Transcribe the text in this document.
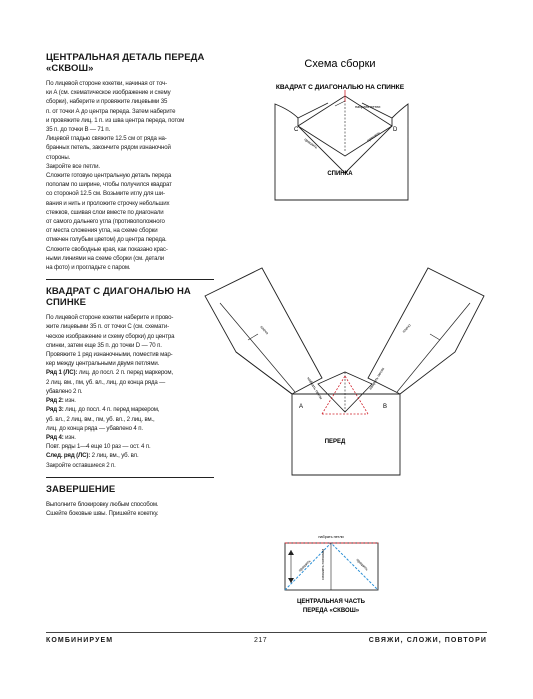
ЦЕНТРАЛЬНАЯ ДЕТАЛЬ ПЕРЕДА
«СКВОШ»
По лицевой стороне кокетки, начиная от точ-
ки А (см. схематическое изображение и схему
сборки), наберите и провяжите лицевыми 35
п. от точки А до центра переда. Затем наберите
и провяжите лиц. 1 п. из шва центра переда, потом
35 п. до точки В — 71 п.
Лицевой гладью свяжите 12.5 см от ряда на-
бранных петель, закончите рядом изнаночной
стороны.
Закройте все петли.
Сложите готовую центральную деталь переда
пополам по ширине, чтобы получился квадрат
со стороной 12.5 см. Возьмите иглу для ши-
вания и нить и проложите строчку небольших
стежков, сшивая слои вместе по диагонали
от самого дальнего угла (противоположного
от места сложения угла, на схеме сборки
отмечен голубым цветом) до центра переда.
Сложите свободные края, как показано крас-
ными линиями на схеме сборки (см. детали
на фото) и прогладьте с паром.
КВАДРАТ С ДИАГОНАЛЬЮ НА СПИНКЕ
По лицевой стороне кокетки наберите и прово-
жите лицевыми 35 п. от точки С (см. схемати-
ческое изображение и схему сборки) до центра
спинки, затем еще 35 п. до точки D — 70 п.
Провяжите 1 ряд изнаночными, поместив мар-
кер между центральными двумя петлями.
Ряд 1 (ЛС): лиц. до посл. 2 п. перед маркером,
2 лиц. вм., пм, уб. вл., лиц. до конца ряда —
убавлено 2 п.
Ряд 2: изн.
Ряд 3: лиц. до посл. 4 п. перед маркером,
уб. вл., 2 лиц. вм., пм, уб. вл., 2 лиц. вм.,
лиц. до конца ряда — убавлено 4 п.
Ряд 4: изн.
Повт. ряды 1—4 еще 10 раз — ост. 4 п.
След. ряд (ЛС): 2 лиц. вм., уб. вл.
Закройте оставшиеся 2 п.
ЗАВЕРШЕНИЕ
Выполните блокировку любым способом.
Сшейте боковые швы. Пришейте кокетку.
Схема сборки
КВАДРАТ С ДИАГОНАЛЬЮ НА СПИНКЕ
СПИНКА
C	D
набрать петли
пришить
пришить
ПЕРЕД
A	B
плечо	плечо
набрать петли	набрать петли
набрать петли
пришить	пришить
сложить пополам
ЦЕНТРАЛЬНАЯ ЧАСТЬ
ПЕРЕДА «СКВОШ»
КОМБИНИРУЕМ	217	СВЯЖИ, СЛОЖИ, ПОВТОРИ
